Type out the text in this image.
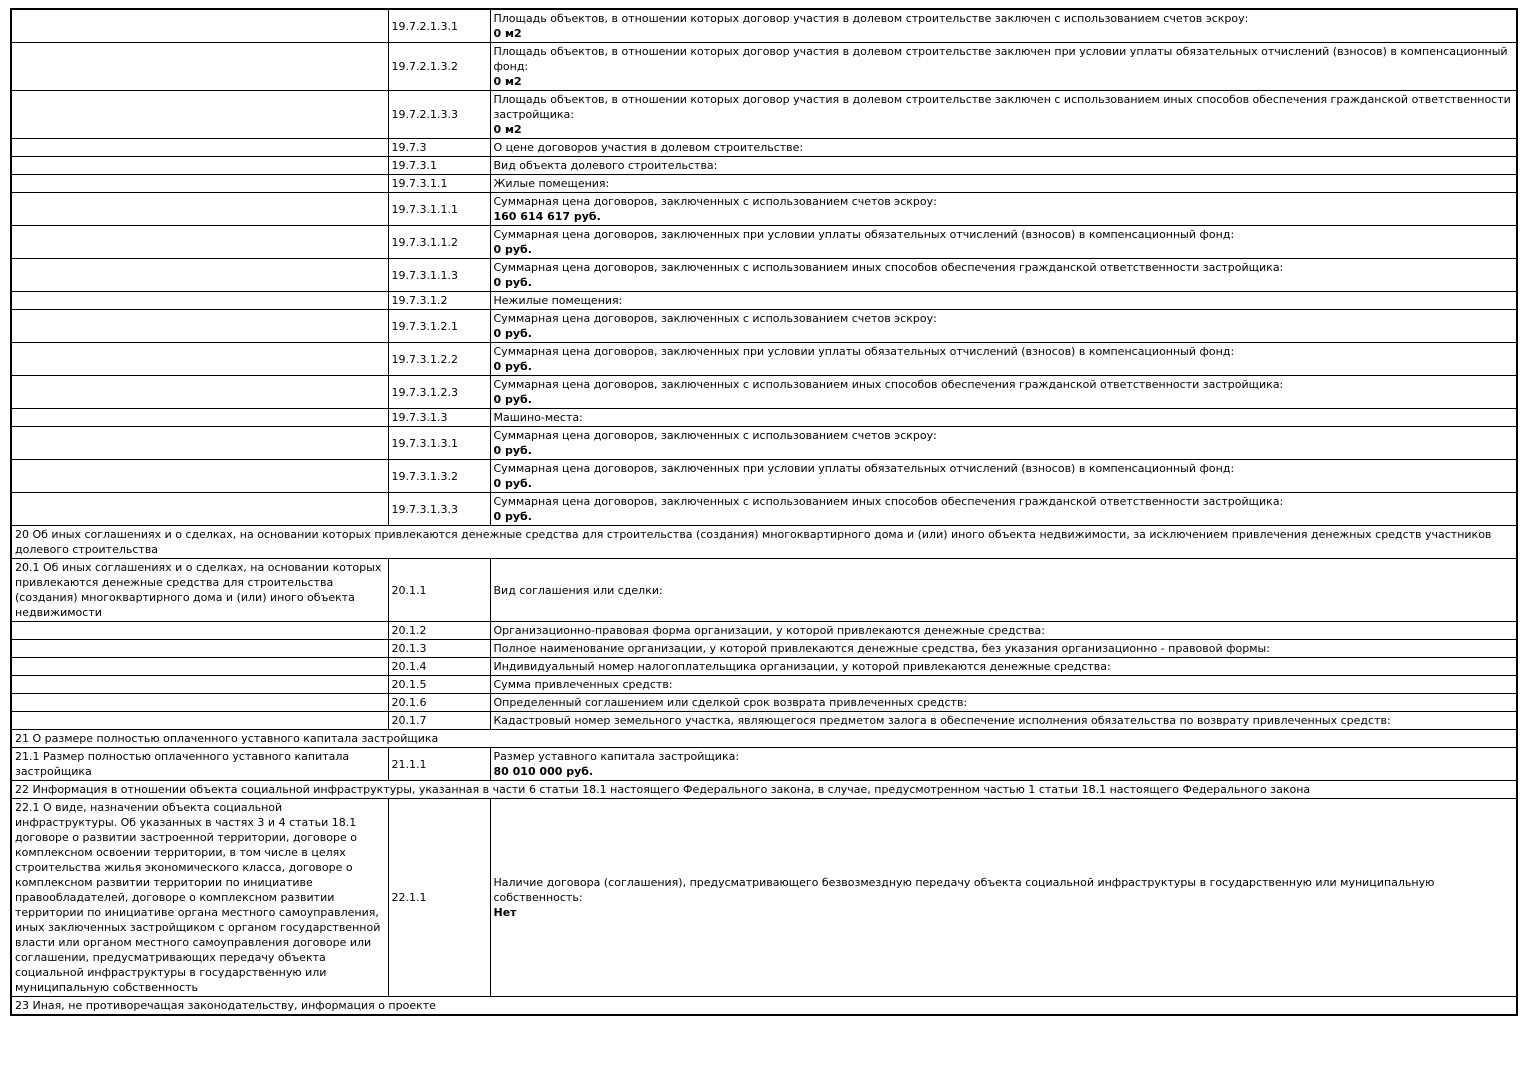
	19.7.2.1.3.1	Площадь объектов, в отношении которых договор участия в долевом строительстве заключен с использованием счетов эскроу:
0 м2

	19.7.2.1.3.2	Площадь объектов, в отношении которых договор участия в долевом строительстве заключен при условии уплаты обязательных отчислений (взносов) в компенсационный фонд:
0 м2

	19.7.2.1.3.3	Площадь объектов, в отношении которых договор участия в долевом строительстве заключен с использованием иных способов обеспечения гражданской ответственности застройщика:
0 м2

	19.7.3	О цене договоров участия в долевом строительстве:

	19.7.3.1	Вид объекта долевого строительства:

	19.7.3.1.1	Жилые помещения:

	19.7.3.1.1.1	Суммарная цена договоров, заключенных с использованием счетов эскроу:
160 614 617 руб.

	19.7.3.1.1.2	Суммарная цена договоров, заключенных при условии уплаты обязательных отчислений (взносов) в компенсационный фонд:
0 руб.

	19.7.3.1.1.3	Суммарная цена договоров, заключенных с использованием иных способов обеспечения гражданской ответственности застройщика:
0 руб.

	19.7.3.1.2	Нежилые помещения:

	19.7.3.1.2.1	Суммарная цена договоров, заключенных с использованием счетов эскроу:
0 руб.

	19.7.3.1.2.2	Суммарная цена договоров, заключенных при условии уплаты обязательных отчислений (взносов) в компенсационный фонд:
0 руб.

	19.7.3.1.2.3	Суммарная цена договоров, заключенных с использованием иных способов обеспечения гражданской ответственности застройщика:
0 руб.

	19.7.3.1.3	Машино-места:

	19.7.3.1.3.1	Суммарная цена договоров, заключенных с использованием счетов эскроу:
0 руб.

	19.7.3.1.3.2	Суммарная цена договоров, заключенных при условии уплаты обязательных отчислений (взносов) в компенсационный фонд:
0 руб.

	19.7.3.1.3.3	Суммарная цена договоров, заключенных с использованием иных способов обеспечения гражданской ответственности застройщика:
0 руб.

20 Об иных соглашениях и о сделках, на основании которых привлекаются денежные средства для строительства (создания) многоквартирного дома и (или) иного объекта недвижимости, за исключением привлечения денежных средств участников долевого строительства		
20.1 Об иных соглашениях и о сделках, на основании которых привлекаются денежные средства для строительства (создания) многоквартирного дома и (или) иного объекта недвижимости	20.1.1	Вид соглашения или сделки:

	20.1.2	Организационно-правовая форма организации, у которой привлекаются денежные средства:

	20.1.3	Полное наименование организации, у которой привлекаются денежные средства, без указания организационно - правовой формы:

	20.1.4	Индивидуальный номер налогоплательщика организации, у которой привлекаются денежные средства:

	20.1.5	Сумма привлеченных средств:

	20.1.6	Определенный соглашением или сделкой срок возврата привлеченных средств:

	20.1.7	Кадастровый номер земельного участка, являющегося предметом залога в обеспечение исполнения обязательства по возврату привлеченных средств:

21 О размере полностью оплаченного уставного капитала застройщика		
21.1 Размер полностью оплаченного уставного капитала застройщика	21.1.1	Размер уставного капитала застройщика:
80 010 000 руб.

22 Информация в отношении объекта социальной инфраструктуры, указанная в части 6 статьи 18.1 настоящего Федерального закона, в случае, предусмотренном частью 1 статьи 18.1 настоящего Федерального закона		
22.1 О виде, назначении объекта социальной инфраструктуры. Об указанных в частях 3 и 4 статьи 18.1 договоре о развитии застроенной территории, договоре о комплексном освоении территории, в том числе в целях строительства жилья экономического класса, договоре о комплексном развитии территории по инициативе правообладателей, договоре о комплексном развитии территории по инициативе органа местного самоуправления, иных заключенных застройщиком с органом государственной власти или органом местного самоуправления договоре или соглашении, предусматривающих передачу объекта социальной инфраструктуры в государственную или муниципальную собственность	22.1.1	Наличие договора (соглашения), предусматривающего безвозмездную передачу объекта социальной инфраструктуры в государственную или муниципальную собственность:
Нет

23 Иная, не противоречащая законодательству, информация о проекте		
